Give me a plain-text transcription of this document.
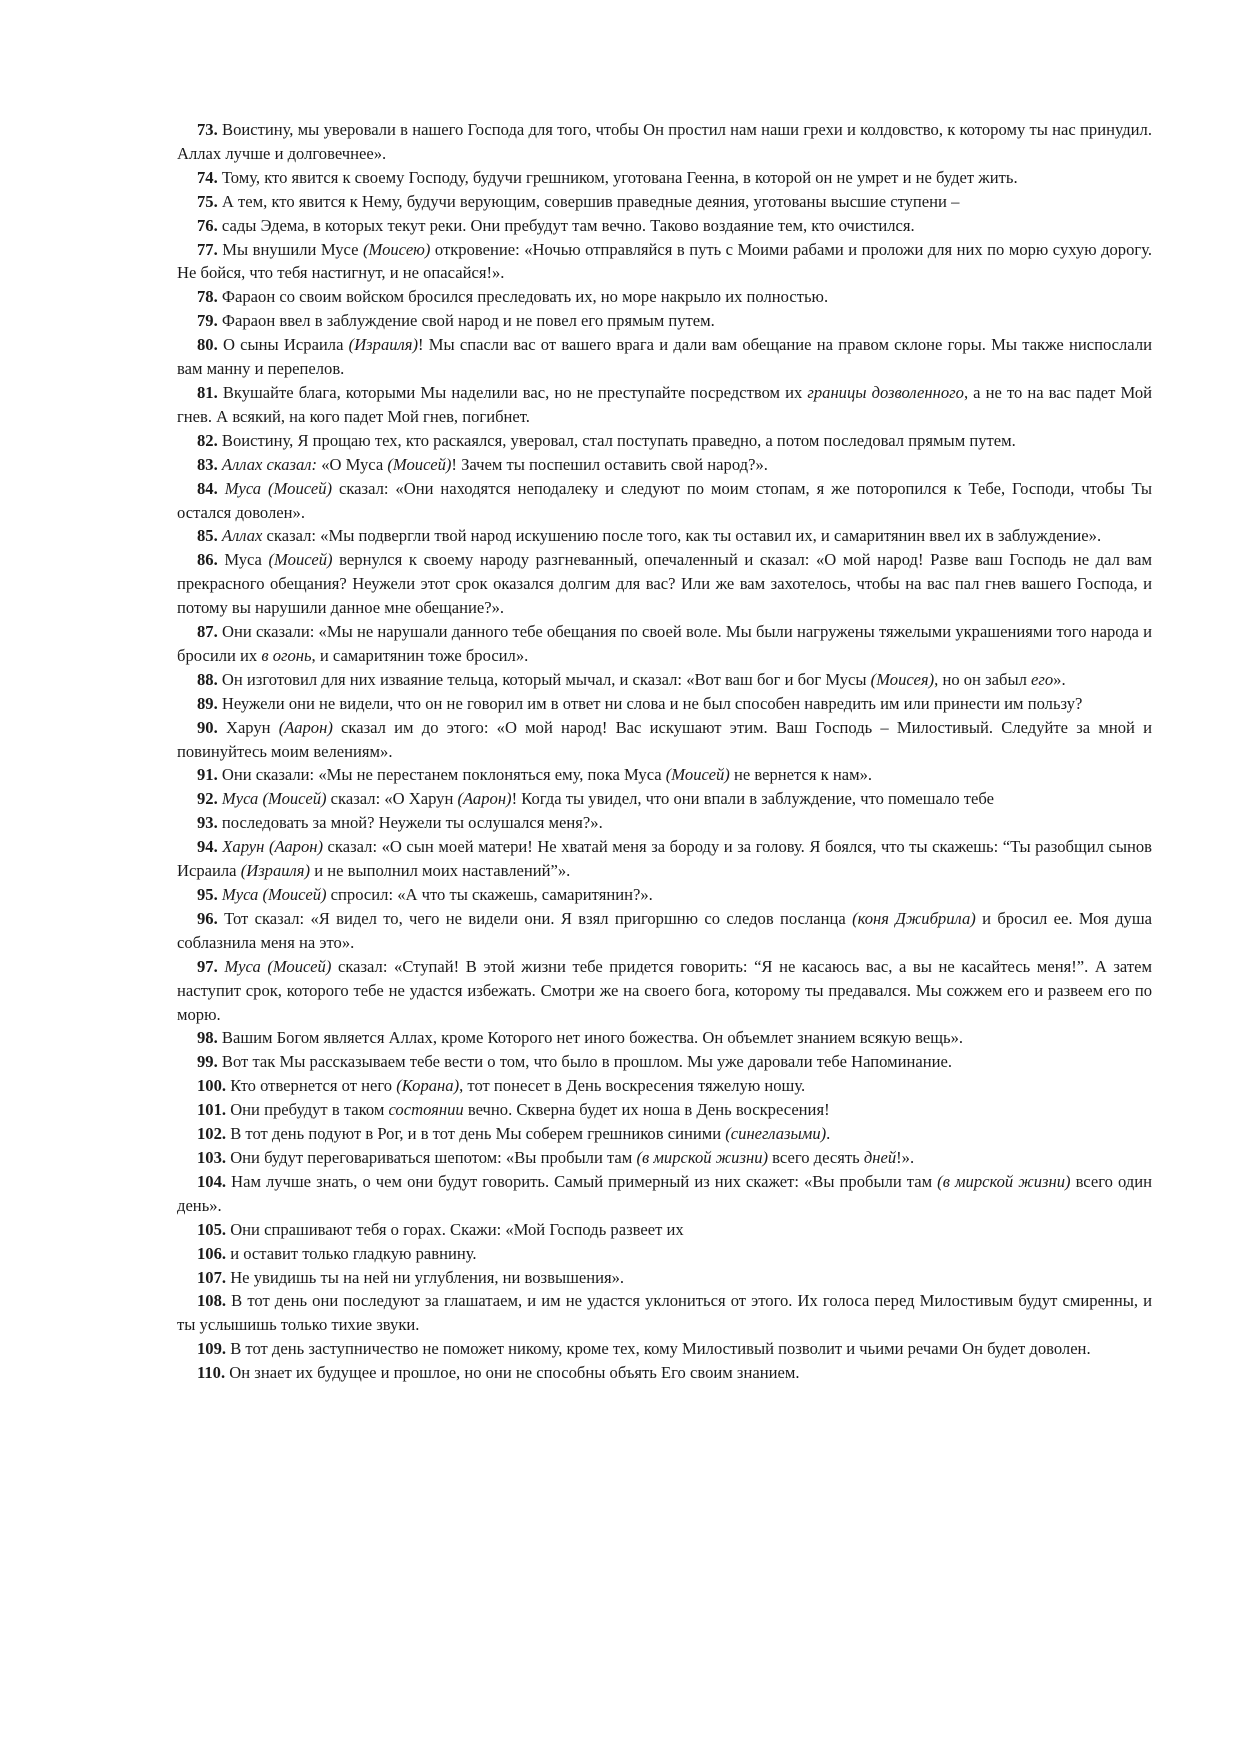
73. Воистину, мы уверовали в нашего Господа для того, чтобы Он простил нам наши грехи и колдовство, к которому ты нас принудил. Аллах лучше и долговечнее».

74. Тому, кто явится к своему Господу, будучи грешником, уготована Геенна, в которой он не умрет и не будет жить.

75. А тем, кто явится к Нему, будучи верующим, совершив праведные деяния, уготованы высшие ступени –

76. сады Эдема, в которых текут реки. Они пребудут там вечно. Таково воздаяние тем, кто очистился.

77. Мы внушили Мусе (Моисею) откровение: «Ночью отправляйся в путь с Моими рабами и проложи для них по морю сухую дорогу. Не бойся, что тебя настигнут, и не опасайся!».

78. Фараон со своим войском бросился преследовать их, но море накрыло их полностью.

79. Фараон ввел в заблуждение свой народ и не повел его прямым путем.

80. О сыны Исраила (Израиля)! Мы спасли вас от вашего врага и дали вам обещание на правом склоне горы. Мы также ниспослали вам манну и перепелов.

81. Вкушайте блага, которыми Мы наделили вас, но не преступайте посредством их границы дозволенного, а не то на вас падет Мой гнев. А всякий, на кого падет Мой гнев, погибнет.

82. Воистину, Я прощаю тех, кто раскаялся, уверовал, стал поступать праведно, а потом последовал прямым путем.

83. Аллах сказал: «О Муса (Моисей)! Зачем ты поспешил оставить свой народ?».

84. Муса (Моисей) сказал: «Они находятся неподалеку и следуют по моим стопам, я же поторопился к Тебе, Господи, чтобы Ты остался доволен».

85. Аллах сказал: «Мы подвергли твой народ искушению после того, как ты оставил их, и самаритянин ввел их в заблуждение».

86. Муса (Моисей) вернулся к своему народу разгневанный, опечаленный и сказал: «О мой народ! Разве ваш Господь не дал вам прекрасного обещания? Неужели этот срок оказался долгим для вас? Или же вам захотелось, чтобы на вас пал гнев вашего Господа, и потому вы нарушили данное мне обещание?».

87. Они сказали: «Мы не нарушали данного тебе обещания по своей воле. Мы были нагружены тяжелыми украшениями того народа и бросили их в огонь, и самаритянин тоже бросил».

88. Он изготовил для них изваяние тельца, который мычал, и сказал: «Вот ваш бог и бог Мусы (Моисея), но он забыл его».

89. Неужели они не видели, что он не говорил им в ответ ни слова и не был способен навредить им или принести им пользу?

90. Харун (Аарон) сказал им до этого: «О мой народ! Вас искушают этим. Ваш Господь – Милостивый. Следуйте за мной и повинуйтесь моим велениям».

91. Они сказали: «Мы не перестанем поклоняться ему, пока Муса (Моисей) не вернется к нам».

92. Муса (Моисей) сказал: «О Харун (Аарон)! Когда ты увидел, что они впали в заблуждение, что помешало тебе

93. последовать за мной? Неужели ты ослушался меня?».

94. Харун (Аарон) сказал: «О сын моей матери! Не хватай меня за бороду и за голову. Я боялся, что ты скажешь: “Ты разобщил сынов Исраила (Израиля) и не выполнил моих наставлений”».

95. Муса (Моисей) спросил: «А что ты скажешь, самаритянин?».

96. Тот сказал: «Я видел то, чего не видели они. Я взял пригоршню со следов посланца (коня Джибрила) и бросил ее. Моя душа соблазнила меня на это».

97. Муса (Моисей) сказал: «Ступай! В этой жизни тебе придется говорить: “Я не касаюсь вас, а вы не касайтесь меня!”. А затем наступит срок, которого тебе не удастся избежать. Смотри же на своего бога, которому ты предавался. Мы сожжем его и развеем его по морю.

98. Вашим Богом является Аллах, кроме Которого нет иного божества. Он объемлет знанием всякую вещь».

99. Вот так Мы рассказываем тебе вести о том, что было в прошлом. Мы уже даровали тебе Напоминание.

100. Кто отвернется от него (Корана), тот понесет в День воскресения тяжелую ношу.

101. Они пребудут в таком состоянии вечно. Скверна будет их ноша в День воскресения!

102. В тот день подуют в Рог, и в тот день Мы соберем грешников синими (синеглазыми).

103. Они будут переговариваться шепотом: «Вы пробыли там (в мирской жизни) всего десять дней!».

104. Нам лучше знать, о чем они будут говорить. Самый примерный из них скажет: «Вы пробыли там (в мирской жизни) всего один день».

105. Они спрашивают тебя о горах. Скажи: «Мой Господь развеет их

106. и оставит только гладкую равнину.

107. Не увидишь ты на ней ни углубления, ни возвышения».

108. В тот день они последуют за глашатаем, и им не удастся уклониться от этого. Их голоса перед Милостивым будут смиренны, и ты услышишь только тихие звуки.

109. В тот день заступничество не поможет никому, кроме тех, кому Милостивый позволит и чьими речами Он будет доволен.

110. Он знает их будущее и прошлое, но они не способны объять Его своим знанием.
